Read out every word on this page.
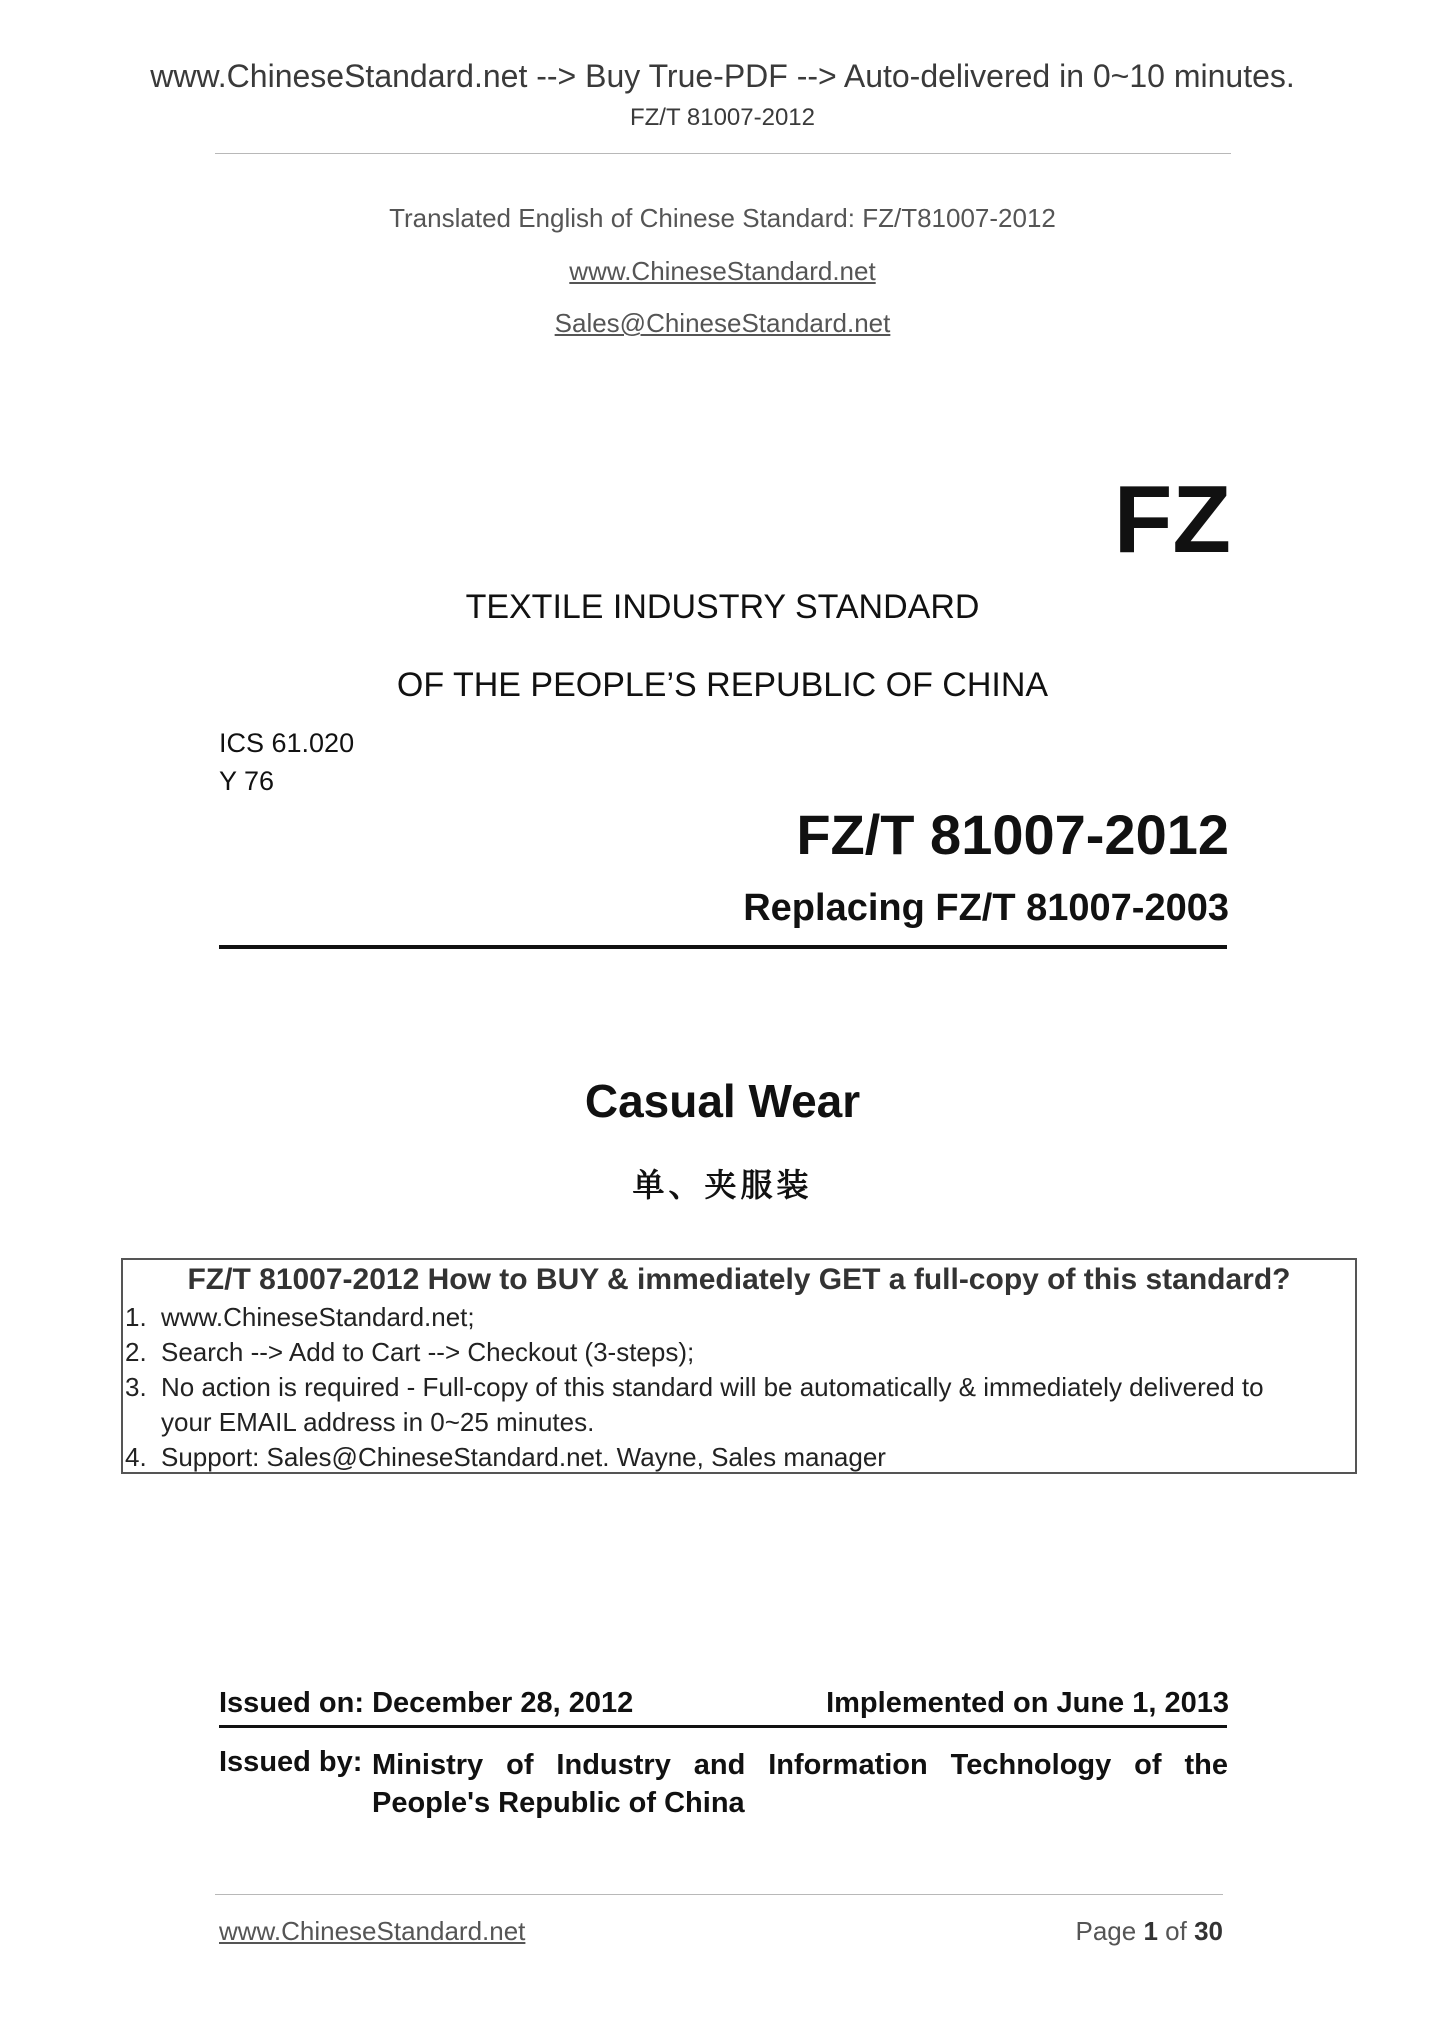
www.ChineseStandard.net --> Buy True-PDF --> Auto-delivered in 0~10 minutes.
FZ/T 81007-2012
Translated English of Chinese Standard: FZ/T81007-2012
www.ChineseStandard.net
Sales@ChineseStandard.net
FZ
TEXTILE INDUSTRY STANDARD
OF THE PEOPLE’S REPUBLIC OF CHINA
ICS 61.020
Y 76
FZ/T 81007-2012
Replacing FZ/T 81007-2003
Casual Wear
单、夹服装
FZ/T 81007-2012 How to BUY & immediately GET a full-copy of this standard?
1. www.ChineseStandard.net;
2. Search --> Add to Cart --> Checkout (3-steps);
3. No action is required - Full-copy of this standard will be automatically & immediately delivered to
your EMAIL address in 0~25 minutes.
4. Support: Sales@ChineseStandard.net. Wayne, Sales manager
Issued on: December 28, 2012	Implemented on June 1, 2013
Issued by: Ministry of Industry and Information Technology of the People's Republic of China
www.ChineseStandard.net	Page 1 of 30
